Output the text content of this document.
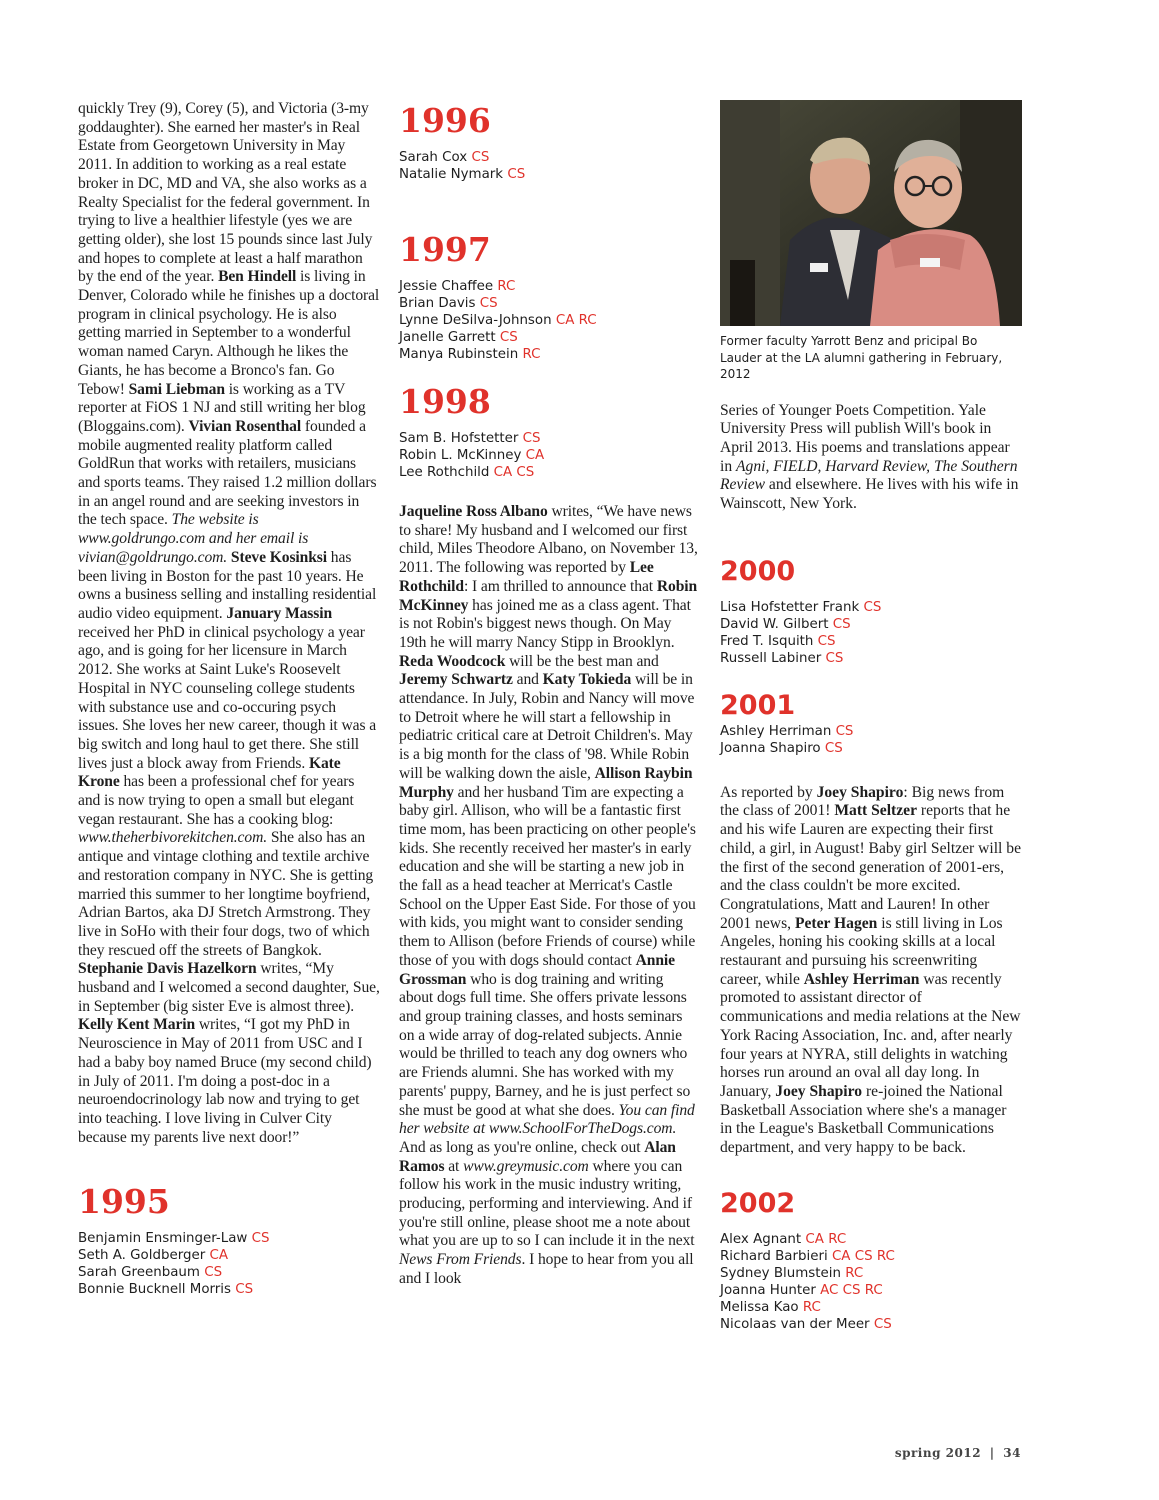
quickly Trey (9), Corey (5), and Victoria (3-my goddaughter). She earned her master's in Real Estate from Georgetown University in May 2011. In addition to working as a real estate broker in DC, MD and VA, she also works as a Realty Specialist for the federal government. In trying to live a healthier lifestyle (yes we are getting older), she lost 15 pounds since last July and hopes to complete at least a half marathon by the end of the year. Ben Hindell is living in Denver, Colorado while he finishes up a doctoral program in clinical psychology. He is also getting married in September to a wonderful woman named Caryn. Although he likes the Giants, he has become a Bronco's fan. Go Tebow! Sami Liebman is working as a TV reporter at FiOS 1 NJ and still writing her blog (Bloggains.com). Vivian Rosenthal founded a mobile augmented reality platform called GoldRun that works with retailers, musicians and sports teams. They raised 1.2 million dollars in an angel round and are seeking investors in the tech space. The website is www.goldrungo.com and her email is vivian@goldrungo.com. Steve Kosinksi has been living in Boston for the past 10 years. He owns a business selling and installing residential audio video equipment. January Massin received her PhD in clinical psychology a year ago, and is going for her licensure in March 2012. She works at Saint Luke's Roosevelt Hospital in NYC counseling college students with substance use and co-occuring psych issues. She loves her new career, though it was a big switch and long haul to get there. She still lives just a block away from Friends. Kate Krone has been a professional chef for years and is now trying to open a small but elegant vegan restaurant. She has a cooking blog: www.theherbivorekitchen.com. She also has an antique and vintage clothing and textile archive and restoration company in NYC. She is getting married this summer to her longtime boyfriend, Adrian Bartos, aka DJ Stretch Armstrong. They live in SoHo with their four dogs, two of which they rescued off the streets of Bangkok. Stephanie Davis Hazelkorn writes, “My husband and I welcomed a second daughter, Sue, in September (big sister Eve is almost three). Kelly Kent Marin writes, “I got my PhD in Neuroscience in May of 2011 from USC and I had a baby boy named Bruce (my second child) in July of 2011. I'm doing a post-doc in a neuroendocrinology lab now and trying to get into teaching. I love living in Culver City because my parents live next door!”

1995
Benjamin Ensminger-Law CS
Seth A. Goldberger CA
Sarah Greenbaum CS
Bonnie Bucknell Morris CS
1996
Sarah Cox CS
Natalie Nymark CS
1997
Jessie Chaffee RC
Brian Davis CS
Lynne DeSilva-Johnson CA RC
Janelle Garrett CS
Manya Rubinstein RC
1998
Sam B. Hofstetter CS
Robin L. McKinney CA
Lee Rothchild CA CS

Jaqueline Ross Albano writes, “We have news to share! My husband and I welcomed our first child, Miles Theodore Albano, on November 13, 2011. The following was reported by Lee Rothchild: I am thrilled to announce that Robin McKinney has joined me as a class agent. That is not Robin's biggest news though. On May 19th he will marry Nancy Stipp in Brooklyn. Reda Woodcock will be the best man and Jeremy Schwartz and Katy Tokieda will be in attendance. In July, Robin and Nancy will move to Detroit where he will start a fellowship in pediatric critical care at Detroit Children's. May is a big month for the class of '98. While Robin will be walking down the aisle, Allison Raybin Murphy and her husband Tim are expecting a baby girl. Allison, who will be a fantastic first time mom, has been practicing on other people's kids. She recently received her master's in early education and she will be starting a new job in the fall as a head teacher at Merricat's Castle School on the Upper East Side. For those of you with kids, you might want to consider sending them to Allison (before Friends of course) while those of you with dogs should contact Annie Grossman who is dog training and writing about dogs full time. She offers private lessons and group training classes, and hosts seminars on a wide array of dog-related subjects. Annie would be thrilled to teach any dog owners who are Friends alumni. She has worked with my parents' puppy, Barney, and he is just perfect so she must be good at what she does. You can find her website at www.SchoolForTheDogs.com. And as long as you're online, check out Alan Ramos at www.greymusic.com where you can follow his work in the music industry writing, producing, performing and interviewing. And if you're still online, please shoot me a note about what you are up to so I can include it in the next News From Friends. I hope to hear from you all and I look

Former faculty Yarrott Benz and pricipal Bo Lauder at the LA alumni gathering in February, 2012

Series of Younger Poets Competition. Yale University Press will publish Will's book in April 2013. His poems and translations appear in Agni, FIELD, Harvard Review, The Southern Review and elsewhere. He lives with his wife in Wainscott, New York.

2000
Lisa Hofstetter Frank CS
David W. Gilbert CS
Fred T. Isquith CS
Russell Labiner CS
2001
Ashley Herriman CS
Joanna Shapiro CS

As reported by Joey Shapiro: Big news from the class of 2001! Matt Seltzer reports that he and his wife Lauren are expecting their first child, a girl, in August! Baby girl Seltzer will be the first of the second generation of 2001-ers, and the class couldn't be more excited. Congratulations, Matt and Lauren! In other 2001 news, Peter Hagen is still living in Los Angeles, honing his cooking skills at a local restaurant and pursuing his screenwriting career, while Ashley Herriman was recently promoted to assistant director of communications and media relations at the New York Racing Association, Inc. and, after nearly four years at NYRA, still delights in watching horses run around an oval all day long. In January, Joey Shapiro re-joined the National Basketball Association where she's a manager in the League's Basketball Communications department, and very happy to be back.

2002
Alex Agnant CA RC
Richard Barbieri CA CS RC
Sydney Blumstein RC
Joanna Hunter AC CS RC
Melissa Kao RC
Nicolaas van der Meer CS
spring 2012 | 34
